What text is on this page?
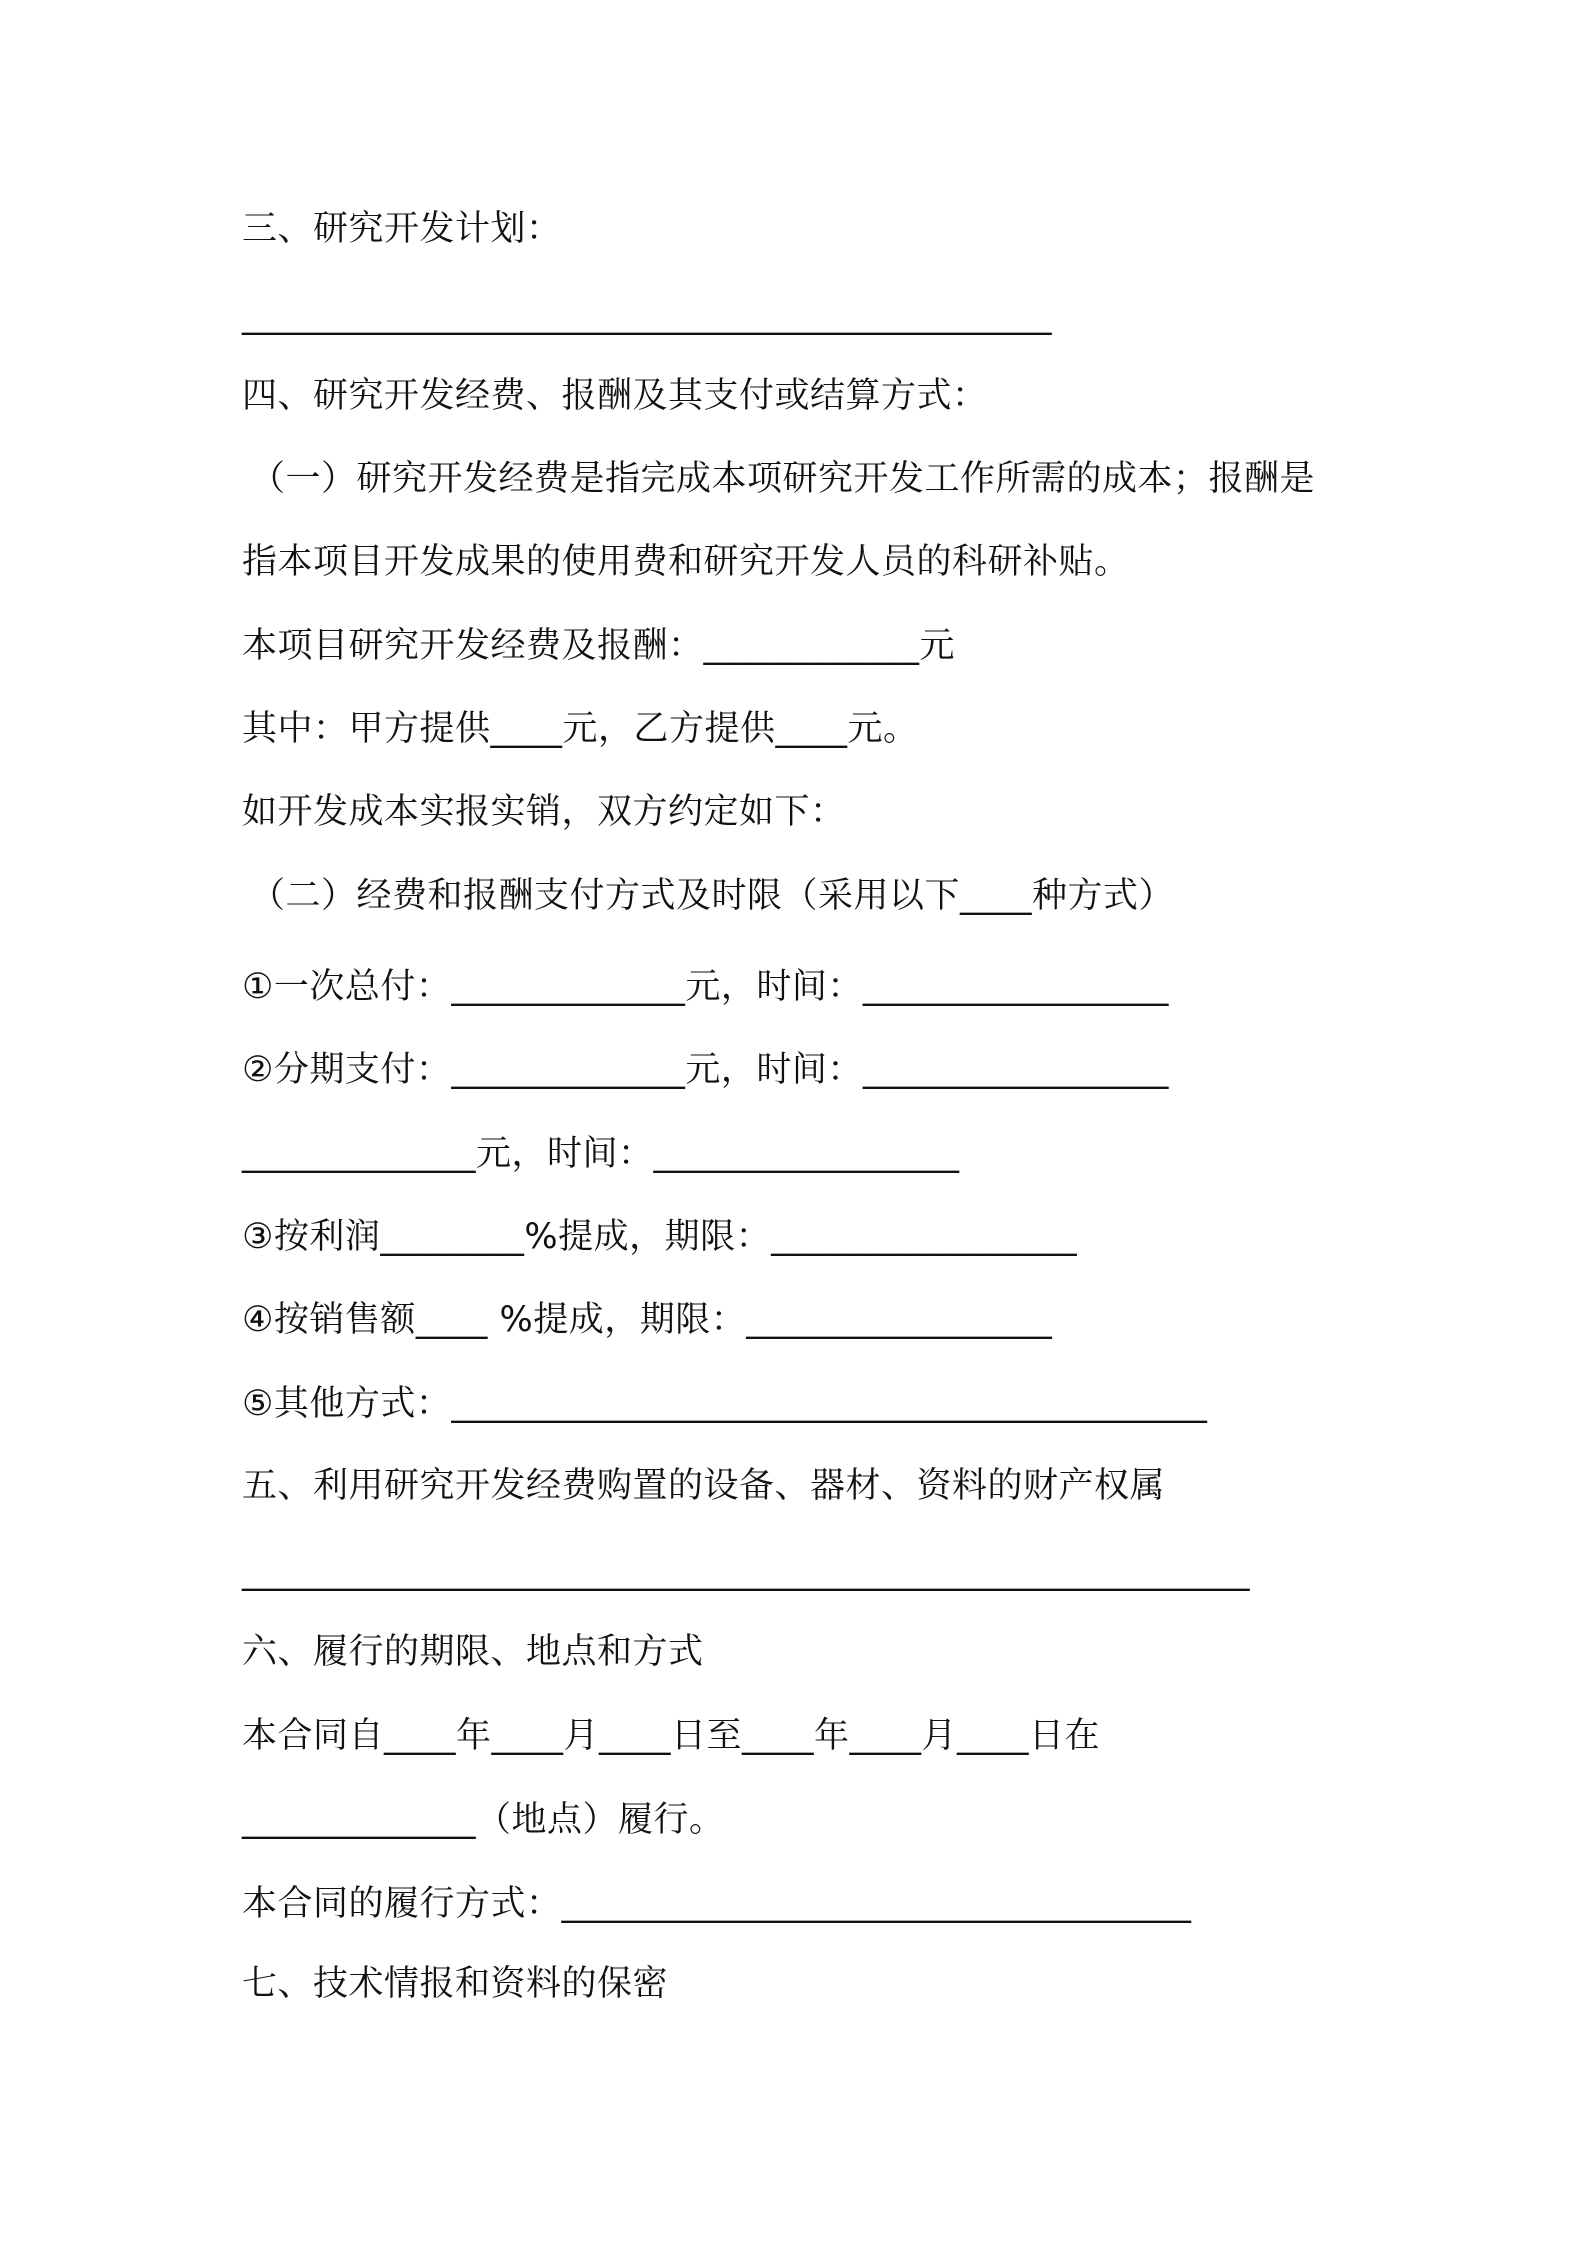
三、研究开发计划：
_____________________________________________
四、研究开发经费、报酬及其支付或结算方式：
（一）研究开发经费是指完成本项研究开发工作所需的成本；报酬是
指本项目开发成果的使用费和研究开发人员的科研补贴。
本项目研究开发经费及报酬：____________元
其中：甲方提供____元，乙方提供____元。
如开发成本实报实销，双方约定如下：
（二）经费和报酬支付方式及时限（采用以下____种方式）
①一次总付：_____________元，时间：_________________
②分期支付：_____________元，时间：_________________
_____________元，时间：_________________
③按利润________%提成，期限：_________________
④按销售额____ %提成，期限：_________________
⑤其他方式：__________________________________________
五、利用研究开发经费购置的设备、器材、资料的财产权属
________________________________________________________
六、履行的期限、地点和方式
本合同自____年____月____日至____年____月____日在
_____________（地点）履行。
本合同的履行方式：___________________________________
七、技术情报和资料的保密
